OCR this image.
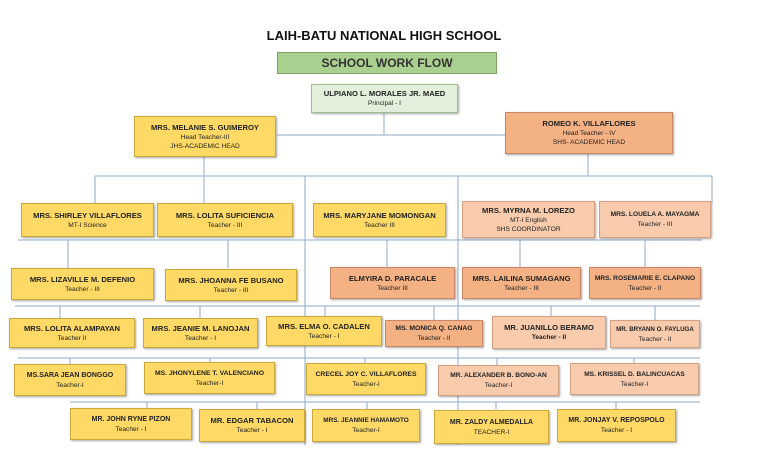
LAIH-BATU NATIONAL HIGH SCHOOL
SCHOOL WORK FLOW
ULPIANO L. MORALES JR. MAED
Principal - I
MRS. MELANIE S. GUIMEROY
Head Teacher-III
JHS-ACADEMIC HEAD
ROMEO K. VILLAFLORES
Head Teacher - IV
SHS- ACADEMIC HEAD
MRS. SHIRLEY VILLAFLORES
MT-I Science
MRS. LOLITA SUFICIENCIA
Teacher - III
MRS. MARYJANE MOMONGAN
Teacher III
MRS. MYRNA M. LOREZO
MT-I English
SHS COORDINATOR
MRS. LOUELA A. MAYAGMA
Teacher - III
MRS. LIZAVILLE M. DEFENIO
Teacher - III
MRS. JHOANNA FE BUSANO
Teacher - III
ELMYIRA D. PARACALE
Teacher III
MRS. LAILINA SUMAGANG
Teacher - III
MRS. ROSEMARIE E. CLAPANO
Teacher - II
MRS. LOLITA ALAMPAYAN
Teacher II
MRS. JEANIE M. LANOJAN
Teacher - I
MRS. ELMA O. CADALEN
Teacher - I
MS. MONICA Q. CANAG
Teacher - II
MR. JUANILLO BERAMO
Teacher - II
MR. BRYANN O. FAYLUGA
Teacher - II
MS.SARA JEAN BONGGO
Teacher-I
MS. JHONYLENE T. VALENCIANO
Teacher-I
CRECEL JOY C. VILLAFLORES
Teacher-I
MR. ALEXANDER B. BONO-AN
Teacher-I
MS. KRISSEL D. BALINCUACAS
Teacher-I
MR. JOHN RYNE PIZON
Teacher - I
MR. EDGAR TABACON
Teacher - I
MRS. JEANNIE HAMAMOTO
Teacher-I
MR. ZALDY ALMEDALLA
TEACHER-I
MR. JONJAY V. REPOSPOLO
Teacher - I
